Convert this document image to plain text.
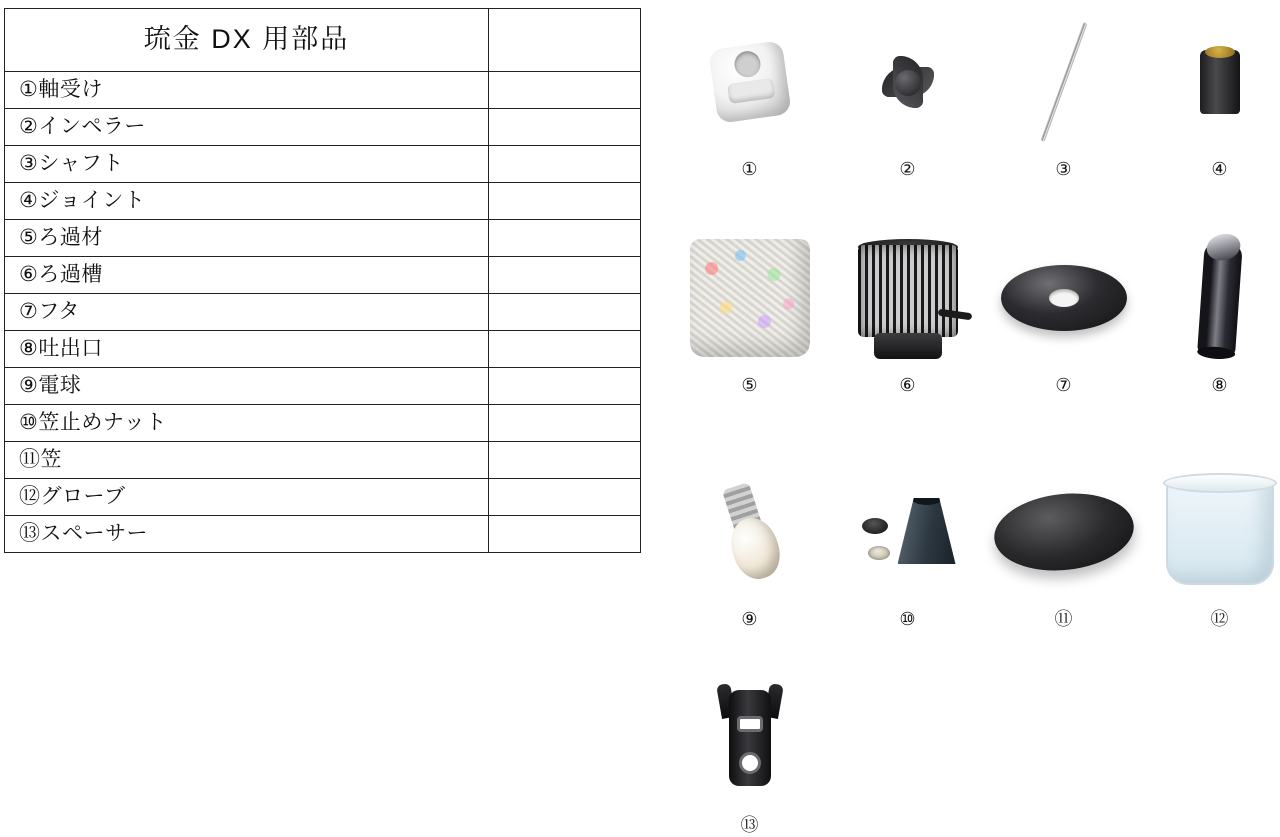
琉金 DX 用部品	
①軸受け	
②インペラー	
③シャフト	
④ジョイント	
⑤ろ過材	
⑥ろ過槽	
⑦フタ	
⑧吐出口	
⑨電球	
⑩笠止めナット	
⑪笠	
⑫グローブ	
⑬スペーサー	
①	②	③	④
⑤	⑥	⑦	⑧
⑨	⑩	⑪	⑫
⑬
